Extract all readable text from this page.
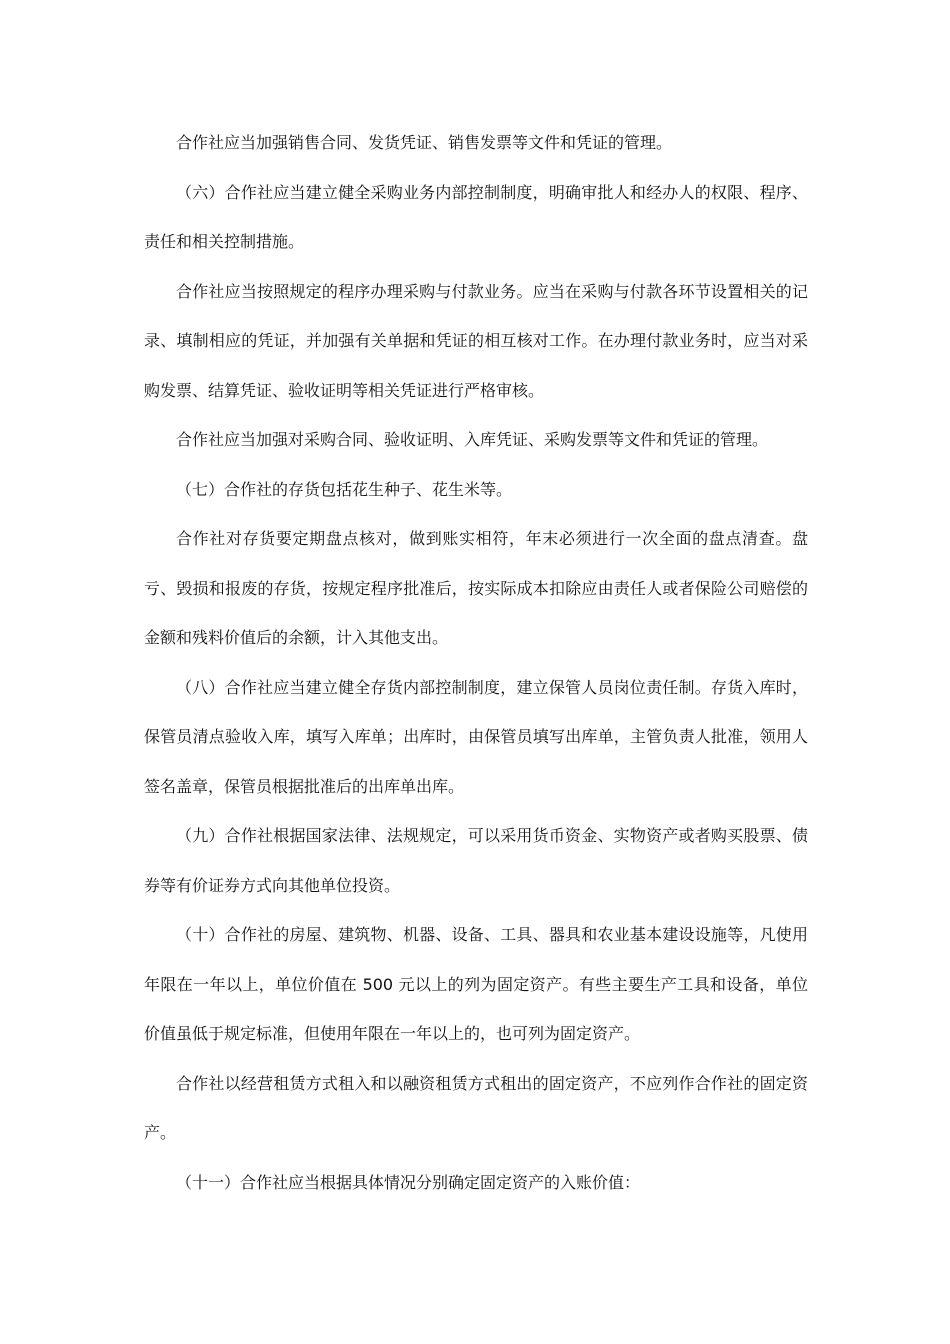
合作社应当加强销售合同、发货凭证、销售发票等文件和凭证的管理。

（六）合作社应当建立健全采购业务内部控制制度，明确审批人和经办人的权限、程序、责任和相关控制措施。

合作社应当按照规定的程序办理采购与付款业务。应当在采购与付款各环节设置相关的记录、填制相应的凭证，并加强有关单据和凭证的相互核对工作。在办理付款业务时，应当对采购发票、结算凭证、验收证明等相关凭证进行严格审核。

合作社应当加强对采购合同、验收证明、入库凭证、采购发票等文件和凭证的管理。

（七）合作社的存货包括花生种子、花生米等。

合作社对存货要定期盘点核对，做到账实相符，年末必须进行一次全面的盘点清查。盘亏、毁损和报废的存货，按规定程序批准后，按实际成本扣除应由责任人或者保险公司赔偿的金额和残料价值后的余额，计入其他支出。

（八）合作社应当建立健全存货内部控制制度，建立保管人员岗位责任制。存货入库时，保管员清点验收入库，填写入库单；出库时，由保管员填写出库单，主管负责人批准，领用人签名盖章，保管员根据批准后的出库单出库。

（九）合作社根据国家法律、法规规定，可以采用货币资金、实物资产或者购买股票、债券等有价证券方式向其他单位投资。

（十）合作社的房屋、建筑物、机器、设备、工具、器具和农业基本建设设施等，凡使用年限在一年以上，单位价值在 500 元以上的列为固定资产。有些主要生产工具和设备，单位价值虽低于规定标准，但使用年限在一年以上的，也可列为固定资产。

合作社以经营租赁方式租入和以融资租赁方式租出的固定资产，不应列作合作社的固定资产。

（十一）合作社应当根据具体情况分别确定固定资产的入账价值：
